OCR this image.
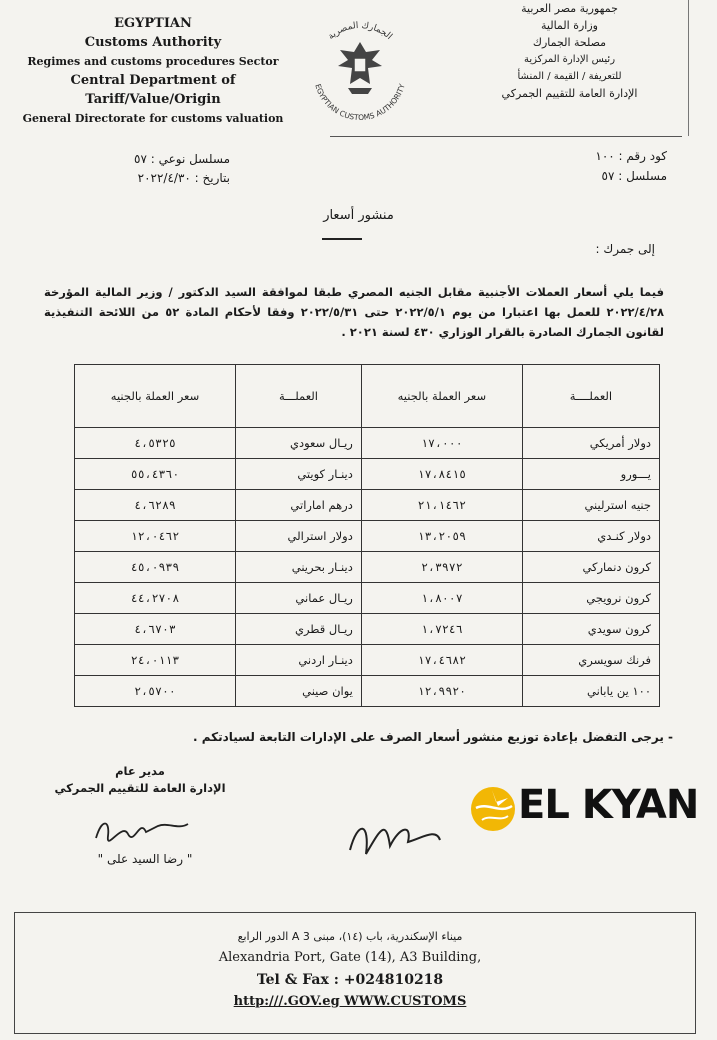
EGYPTIAN
Customs Authority
Regimes and customs procedures Sector
Central Department of
Tariff/Value/Origin
General Directorate for customs valuation
الجمارك المصرية
EGYPTIAN CUSTOMS AUTHORITY
جمهورية مصر العربية
وزارة المالية
مصلحة الجمارك
رئيس الإدارة المركزية
للتعريفة / القيمة / المنشأ
الإدارة العامة للتقييم الجمركي
مسلسل نوعي : ٥٧
بتاريخ : ٢٠٢٢/٤/٣٠
كود رقم : ١٠٠
مسلسل : ٥٧
منشور أسعار
إلى جمرك :
فيما يلي أسعار العملات الأجنبية مقابل الجنيه المصري طبقا لموافقة السيد الدكتور / وزير المالية المؤرخة ٢٠٢٢/٤/٢٨ للعمل بها اعتبارا من يوم ٢٠٢٢/٥/١ حتى ٢٠٢٢/٥/٣١ وفقا لأحكام المادة ٥٢ من اللائحة التنفيذية لقانون الجمارك الصادرة بالقرار الوزاري ٤٣٠ لسنة ٢٠٢١ .
العملــــة	سعر العملة بالجنيه	العملـــة	سعر العملة بالجنيه
دولار أمريكي	١٧،٠٠٠	ريـال سعودي	٤،٥٣٢٥
يـــورو	١٧،٨٤١٥	دينـار كويتي	٥٥،٤٣٦٠
جنيه استرليني	٢١،١٤٦٢	درهم اماراتي	٤،٦٢٨٩
دولار كنـدي	١٣،٢٠٥٩	دولار استرالي	١٢،٠٤٦٢
كرون دنماركي	٢،٣٩٧٢	دينـار بحريني	٤٥،٠٩٣٩
كرون نرويجي	١،٨٠٠٧	ريـال عماني	٤٤،٢٧٠٨
كرون سويدي	١،٧٢٤٦	ريـال قطري	٤،٦٧٠٣
فرنك سويسري	١٧،٤٦٨٢	دينـار اردني	٢٤،٠١١٣
١٠٠ ين ياباني	١٢،٩٩٢٠	يوان صيني	٢،٥٧٠٠
- يرجى التفضل بإعادة توزيع منشور أسعار الصرف على الإدارات التابعة لسيادتكم .
مدير عام
الإدارة العامة للتقييم الجمركي
" رضا السيد على "
EL KYAN
ميناء الإسكندرية، باب (١٤)، مبنى A 3 الدور الرابع
Alexandria Port, Gate (14), A3 Building,
Tel & Fax : +024810218
http:///.GOV.eg WWW.CUSTOMS
